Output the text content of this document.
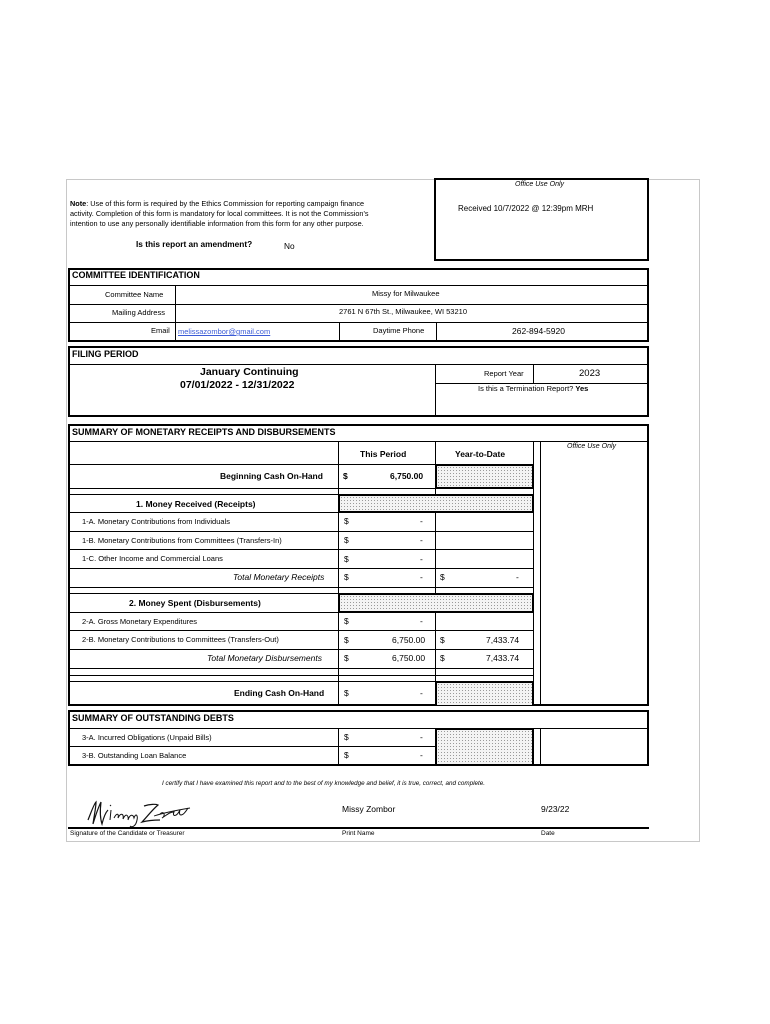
Note: Use of this form is required by the Ethics Commission for reporting campaign finance
activity. Completion of this form is mandatory for local committees. It is not the Commission's
intention to use any personally identifiable information from this form for any other purpose.
Is this report an amendment?	No
Office Use Only
Received 10/7/2022 @ 12:39pm MRH
COMMITTEE IDENTIFICATION
Committee Name	Missy for Milwaukee
Mailing Address	2761 N 67th St., Milwaukee, WI 53210
Email melissazombor@gmail.com	Daytime Phone	262-894-5920
FILING PERIOD
January Continuing
07/01/2022 - 12/31/2022
Report Year	2023
Is this a Termination Report? Yes
SUMMARY OF MONETARY RECEIPTS AND DISBURSEMENTS
This Period	Year-to-Date
Office Use Only
Beginning Cash On-Hand $	6,750.00
1. Money Received (Receipts)
1-A. Monetary Contributions from Individuals	$	-
1-B. Monetary Contributions from Committees (Transfers-In)	$	-
1-C. Other Income and Commercial Loans	$	-
Total Monetary Receipts $	- $	-
2. Money Spent (Disbursements)
2-A. Gross Monetary Expenditures	$	-
2-B. Monetary Contributions to Committees (Transfers-Out)	$	6,750.00 $	7,433.74
Total Monetary Disbursements	$	6,750.00 $	7,433.74
Ending Cash On-Hand $	-
SUMMARY OF OUTSTANDING DEBTS
3-A. Incurred Obligations (Unpaid Bills)	$	-
3-B. Outstanding Loan Balance	$	-
I certify that I have examined this report and to the best of my knowledge and belief, it is true, correct, and complete.
Missy Zombor	9/23/22
Signature of the Candidate or Treasurer	Print Name	Date
